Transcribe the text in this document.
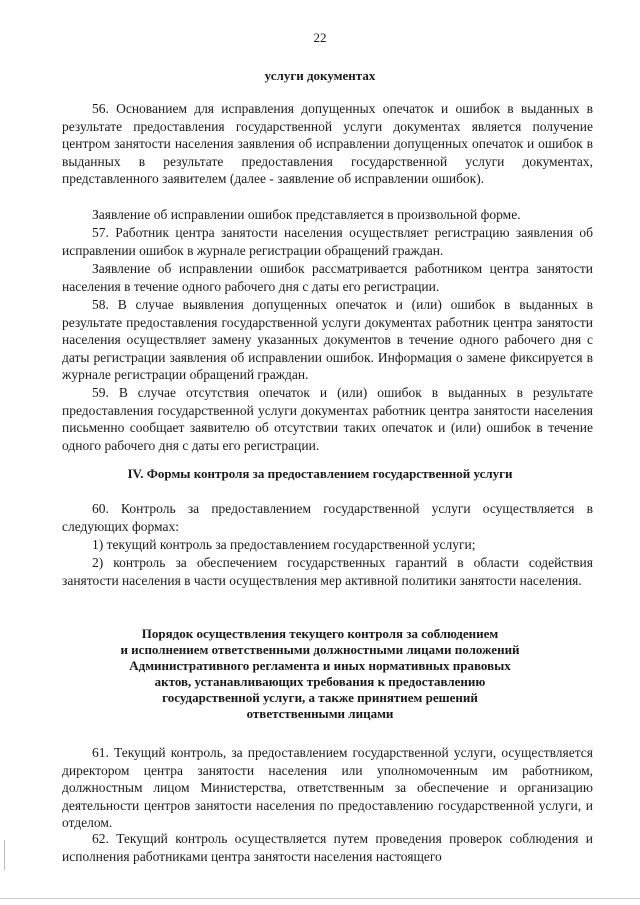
22
услуги документах
56. Основанием для исправления допущенных опечаток и ошибок в выданных в результате предоставления государственной услуги документах является получение центром занятости населения заявления об исправлении допущенных опечаток и ошибок в выданных в результате предоставления государственной услуги документах, представленного заявителем (далее - заявление об исправлении ошибок).
Заявление об исправлении ошибок представляется в произвольной форме.
57. Работник центра занятости населения осуществляет регистрацию заявления об исправлении ошибок в журнале регистрации обращений граждан.
Заявление об исправлении ошибок рассматривается работником центра занятости населения в течение одного рабочего дня с даты его регистрации.
58. В случае выявления допущенных опечаток и (или) ошибок в выданных в результате предоставления государственной услуги документах работник центра занятости населения осуществляет замену указанных документов в течение одного рабочего дня с даты регистрации заявления об исправлении ошибок. Информация о замене фиксируется в журнале регистрации обращений граждан.
59. В случае отсутствия опечаток и (или) ошибок в выданных в результате предоставления государственной услуги документах работник центра занятости населения письменно сообщает заявителю об отсутствии таких опечаток и (или) ошибок в течение одного рабочего дня с даты его регистрации.
IV. Формы контроля за предоставлением государственной услуги
60. Контроль за предоставлением государственной услуги осуществляется в следующих формах:
1) текущий контроль за предоставлением государственной услуги;
2) контроль за обеспечением государственных гарантий в области содействия занятости населения в части осуществления мер активной политики занятости населения.
Порядок осуществления текущего контроля за соблюдением
и исполнением ответственными должностными лицами положений
Административного регламента и иных нормативных правовых
актов, устанавливающих требования к предоставлению
государственной услуги, а также принятием решений
ответственными лицами
61. Текущий контроль, за предоставлением государственной услуги, осуществляется директором центра занятости населения или уполномоченным им работником, должностным лицом Министерства, ответственным за обеспечение и организацию деятельности центров занятости населения по предоставлению государственной услуги, и отделом.
62. Текущий контроль осуществляется путем проведения проверок соблюдения и исполнения работниками центра занятости населения настоящего
